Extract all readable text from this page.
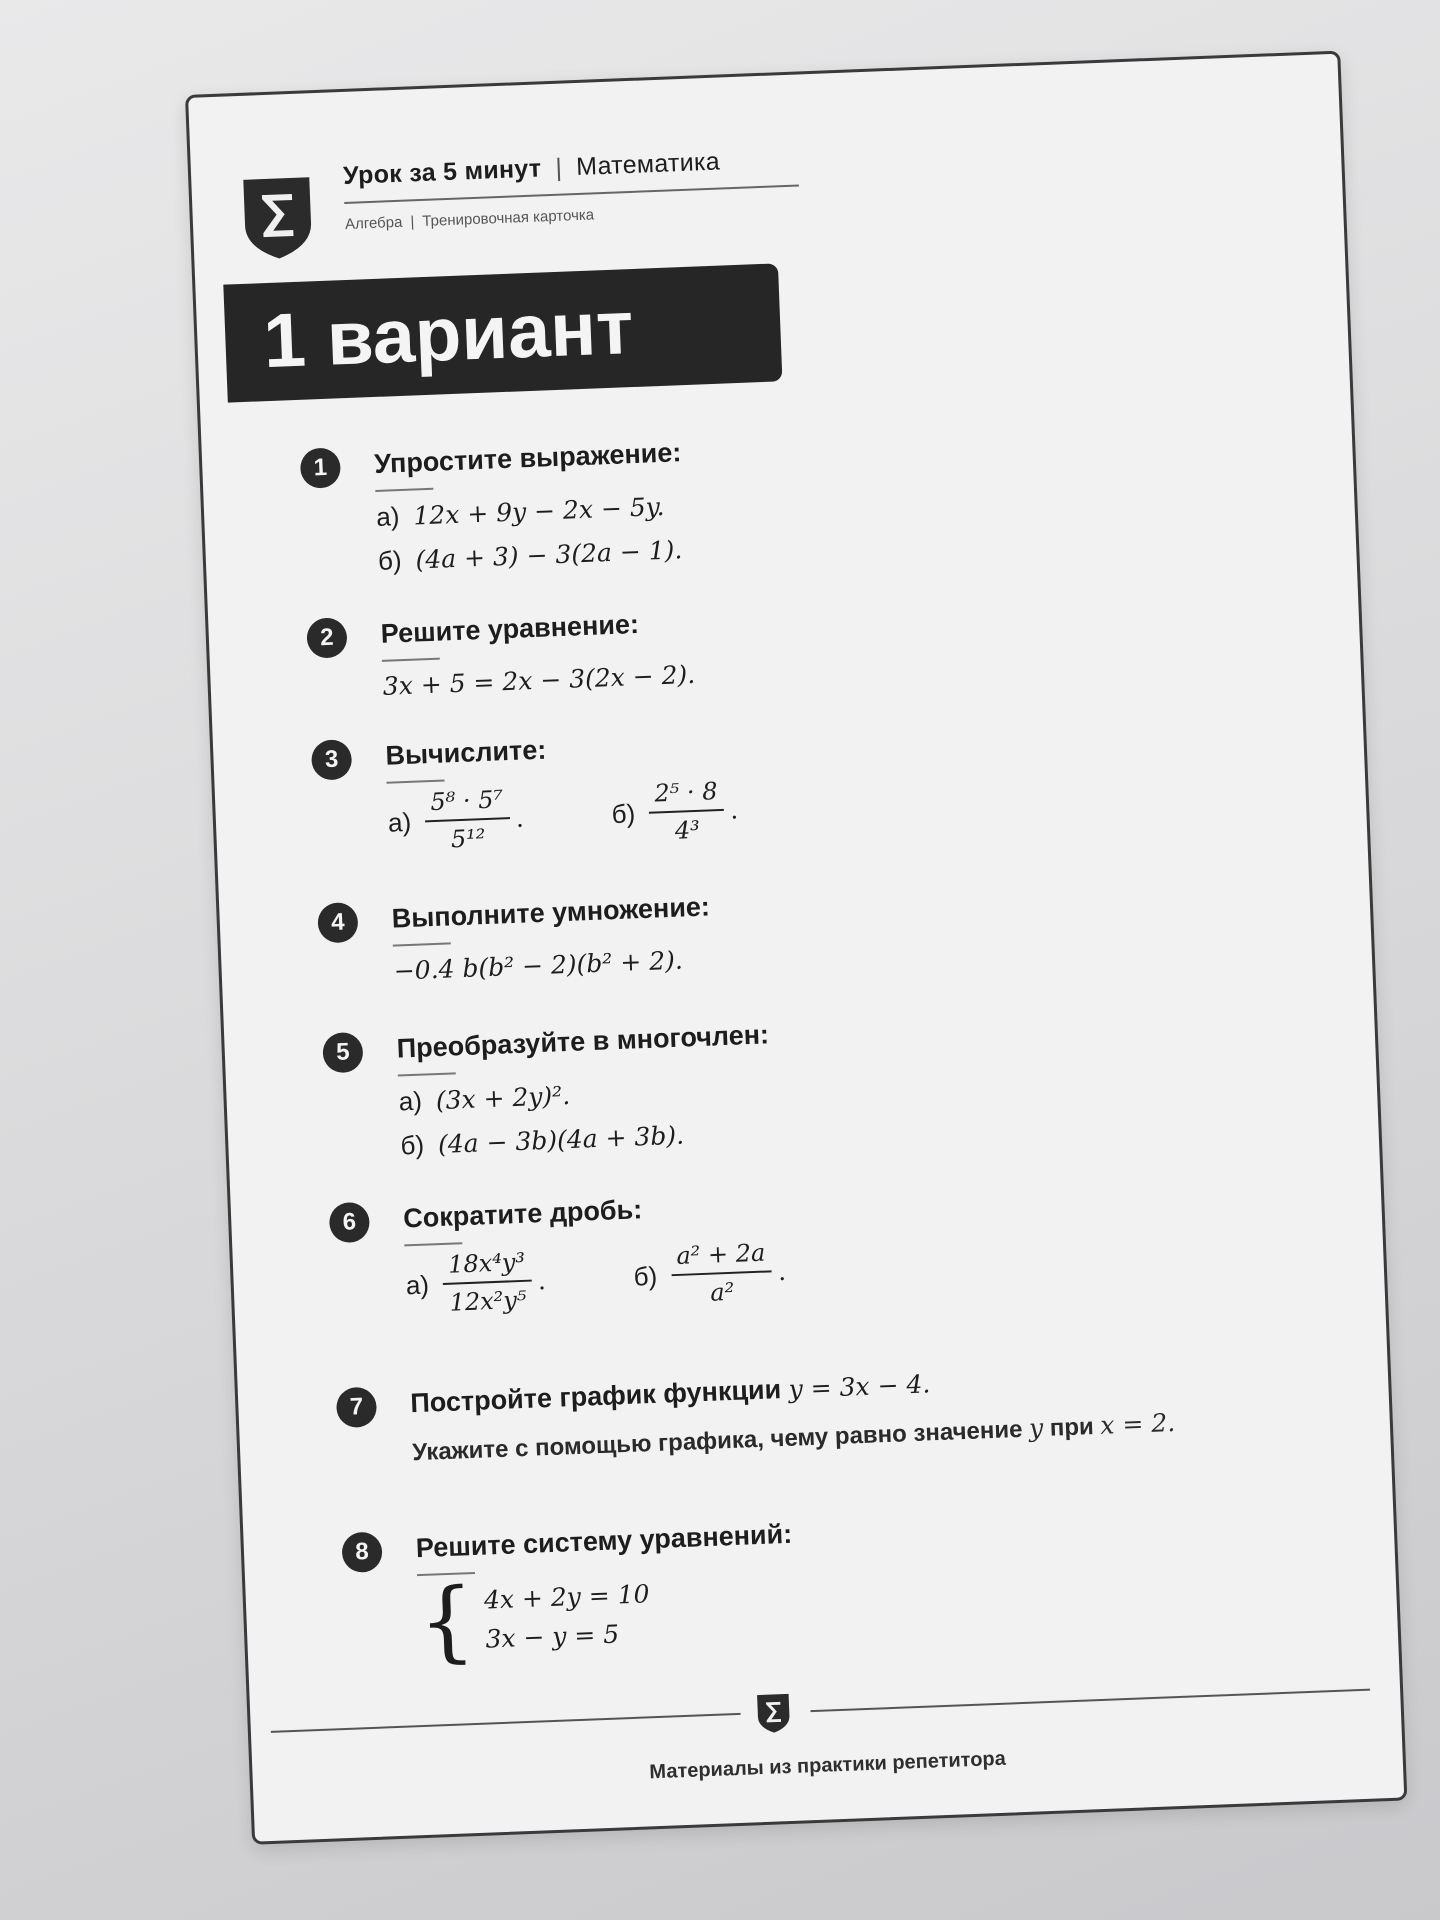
Урок за 5 минут | Математика
Алгебра | Тренировочная карточка
1 вариант
1	Упростите выражение:
а) 12x + 9y − 2x − 5y.
б) (4a + 3) − 3(2a − 1).
2	Решите уравнение:
3x + 5 = 2x − 3(2x − 2).
3	Вычислите:
$а) \frac{\text{5⁸ · 5⁷}}{\text{5¹²}}$ .	$б) \frac{\text{2⁵ · 8}}{\text{4³}}$ .
4	Выполните умножение:
−0.4 b(b² − 2)(b² + 2).
5	Преобразуйте в многочлен:
а) (3x + 2y)².
б) (4a − 3b)(4a + 3b).
6	Сократите дробь:
$а) \frac{\text{18x⁴y³}}{\text{12x²y⁵}}$ .	$б) \frac{\text{a² + 2a}}{\text{a²}}$ .
7	Постройте график функции y = 3x − 4.
Укажите с помощью графика, чему равно значение y при x = 2.
8	Решите систему уравнений:
{ 4x + 2y = 10
3x − y = 5
Материалы из практики репетитора
